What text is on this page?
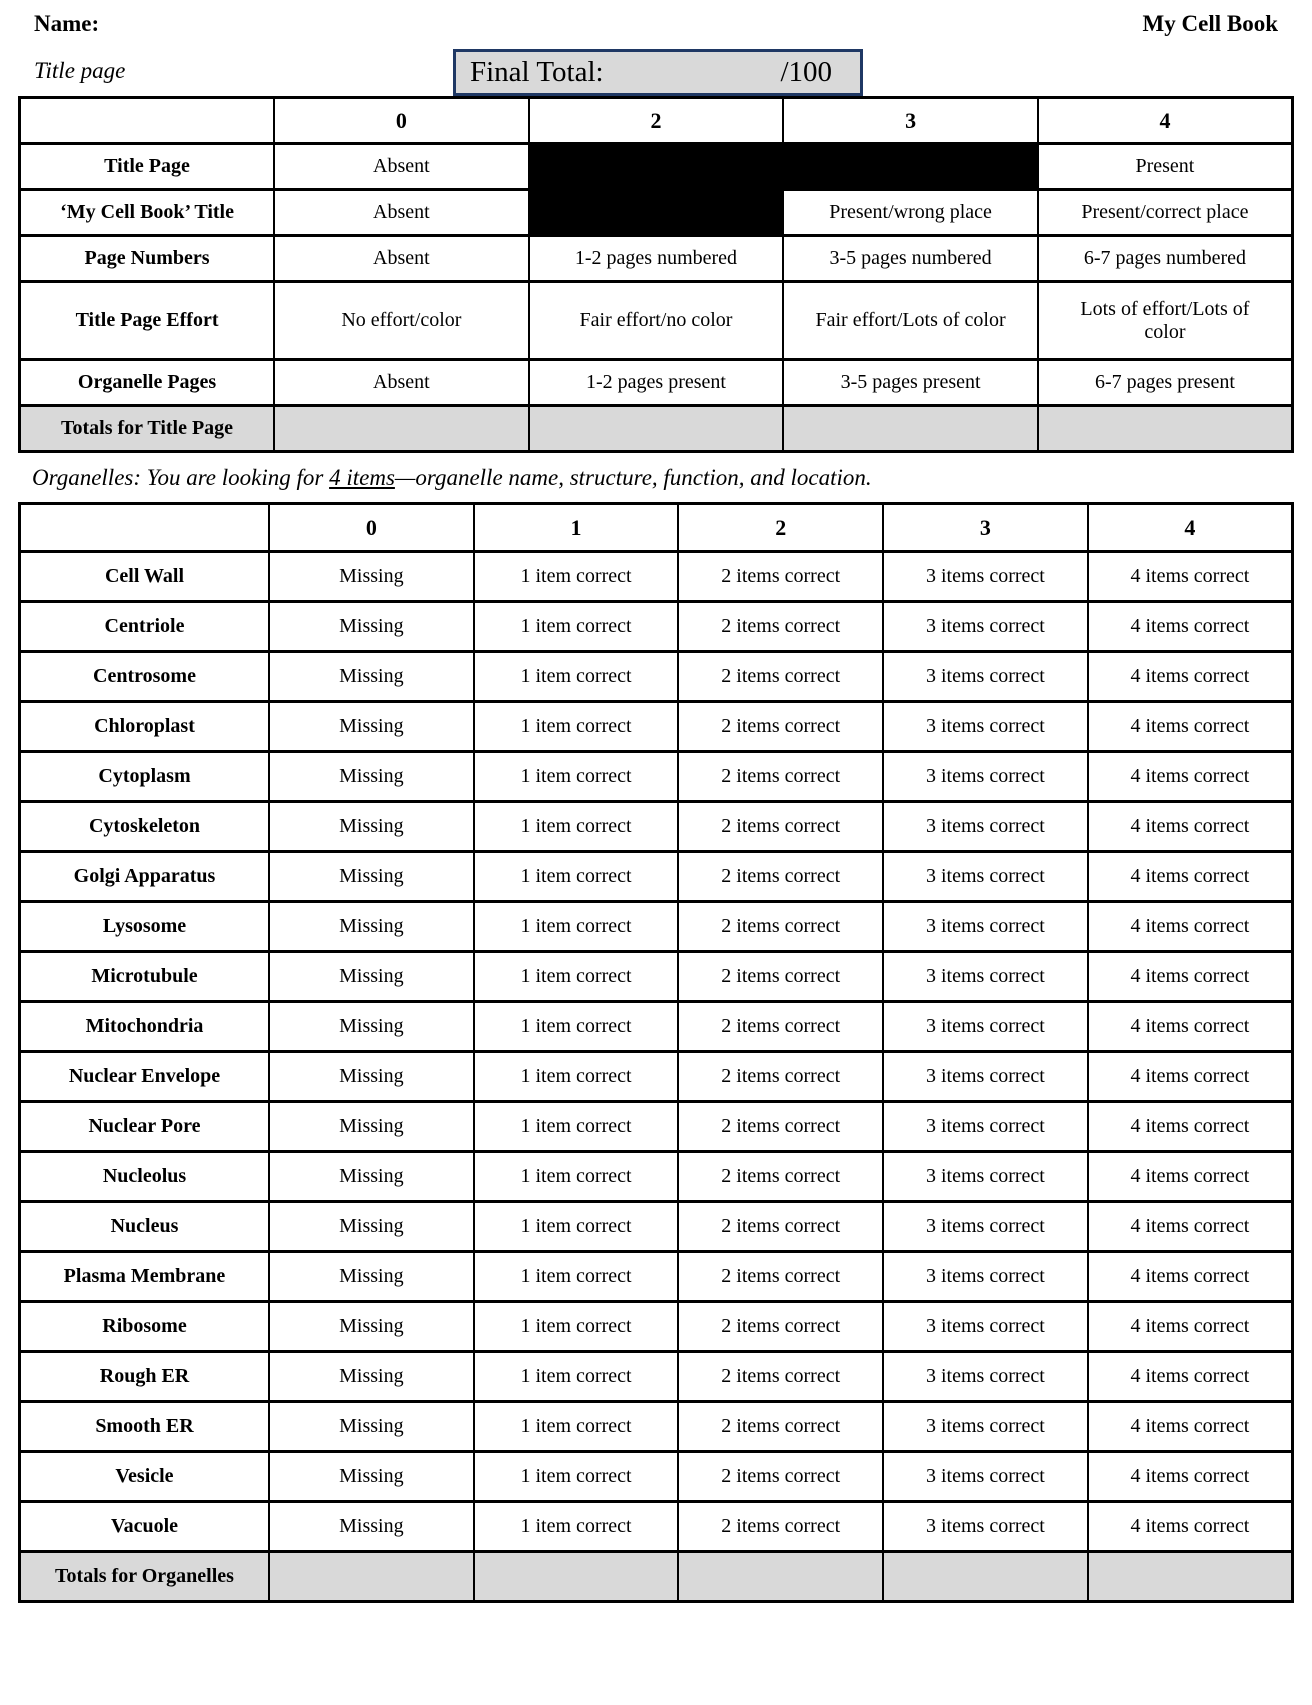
Name:	My Cell Book
Title page	Final Total:	/100
	0	2	3	4
Title Page	Absent			Present
‘My Cell Book’ Title	Absent		Present/wrong place	Present/correct place
Page Numbers	Absent	1-2 pages numbered	3-5 pages numbered	6-7 pages numbered
Title Page Effort	No effort/color	Fair effort/no color	Fair effort/Lots of color	Lots of effort/Lots of color
Organelle Pages	Absent	1-2 pages present	3-5 pages present	6-7 pages present
Totals for Title Page				

Organelles: You are looking for 4 items—organelle name, structure, function, and location.

	0	1	2	3	4
Cell Wall	Missing	1 item correct	2 items correct	3 items correct	4 items correct
Centriole	Missing	1 item correct	2 items correct	3 items correct	4 items correct
Centrosome	Missing	1 item correct	2 items correct	3 items correct	4 items correct
Chloroplast	Missing	1 item correct	2 items correct	3 items correct	4 items correct
Cytoplasm	Missing	1 item correct	2 items correct	3 items correct	4 items correct
Cytoskeleton	Missing	1 item correct	2 items correct	3 items correct	4 items correct
Golgi Apparatus	Missing	1 item correct	2 items correct	3 items correct	4 items correct
Lysosome	Missing	1 item correct	2 items correct	3 items correct	4 items correct
Microtubule	Missing	1 item correct	2 items correct	3 items correct	4 items correct
Mitochondria	Missing	1 item correct	2 items correct	3 items correct	4 items correct
Nuclear Envelope	Missing	1 item correct	2 items correct	3 items correct	4 items correct
Nuclear Pore	Missing	1 item correct	2 items correct	3 items correct	4 items correct
Nucleolus	Missing	1 item correct	2 items correct	3 items correct	4 items correct
Nucleus	Missing	1 item correct	2 items correct	3 items correct	4 items correct
Plasma Membrane	Missing	1 item correct	2 items correct	3 items correct	4 items correct
Ribosome	Missing	1 item correct	2 items correct	3 items correct	4 items correct
Rough ER	Missing	1 item correct	2 items correct	3 items correct	4 items correct
Smooth ER	Missing	1 item correct	2 items correct	3 items correct	4 items correct
Vesicle	Missing	1 item correct	2 items correct	3 items correct	4 items correct
Vacuole	Missing	1 item correct	2 items correct	3 items correct	4 items correct
Totals for Organelles					
